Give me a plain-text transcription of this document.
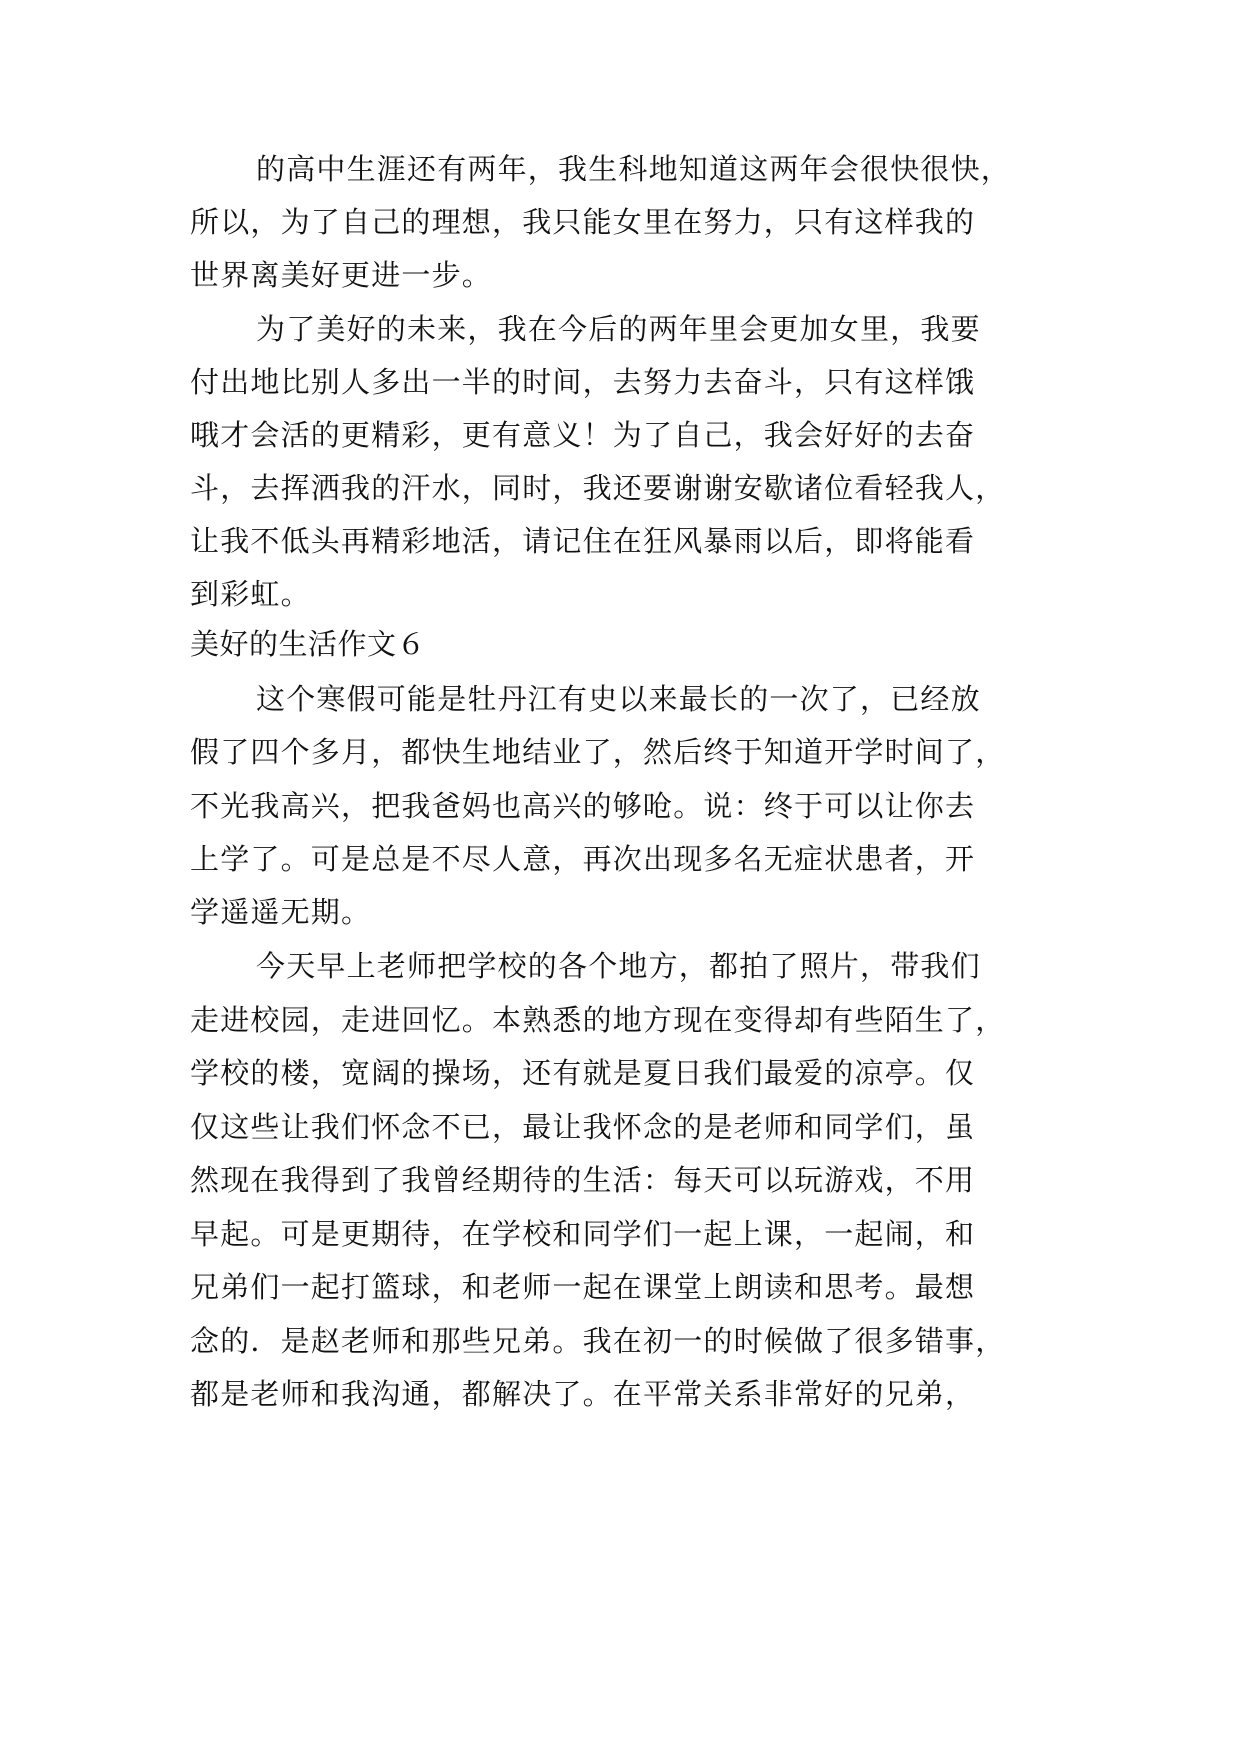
的高中生涯还有两年，我生科地知道这两年会很快很快，
所以，为了自己的理想，我只能女里在努力，只有这样我的
世界离美好更进一步。
为了美好的未来，我在今后的两年里会更加女里，我要
付出地比别人多出一半的时间，去努力去奋斗，只有这样饿
哦才会活的更精彩，更有意义！为了自己，我会好好的去奋
斗，去挥洒我的汗水，同时，我还要谢谢安歇诸位看轻我人，
让我不低头再精彩地活，请记住在狂风暴雨以后，即将能看
到彩虹。
美好的生活作文６
这个寒假可能是牡丹江有史以来最长的一次了，已经放
假了四个多月，都快生地结业了，然后终于知道开学时间了，
不光我高兴，把我爸妈也高兴的够呛。说：终于可以让你去
上学了。可是总是不尽人意，再次出现多名无症状患者，开
学遥遥无期。
今天早上老师把学校的各个地方，都拍了照片，带我们
走进校园，走进回忆。本熟悉的地方现在变得却有些陌生了，
学校的楼，宽阔的操场，还有就是夏日我们最爱的凉亭。仅
仅这些让我们怀念不已，最让我怀念的是老师和同学们，虽
然现在我得到了我曾经期待的生活：每天可以玩游戏，不用
早起。可是更期待，在学校和同学们一起上课，一起闹，和
兄弟们一起打篮球，和老师一起在课堂上朗读和思考。最想
念的．是赵老师和那些兄弟。我在初一的时候做了很多错事，
都是老师和我沟通，都解决了。在平常关系非常好的兄弟，
